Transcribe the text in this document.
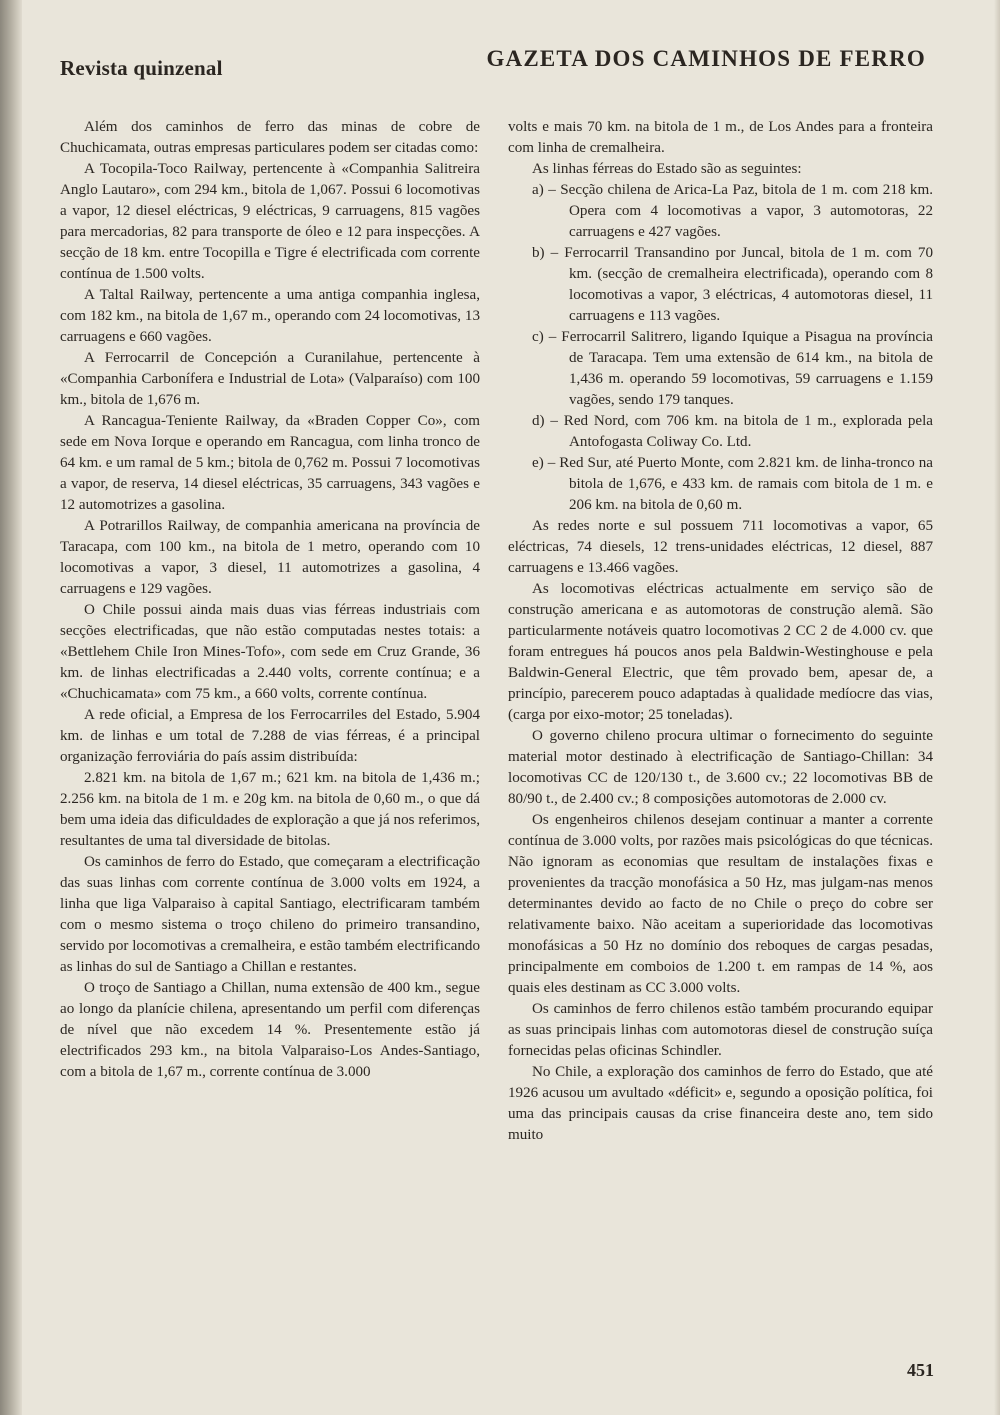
Revista quinzenal	GAZETA DOS CAMINHOS DE FERRO

Além dos caminhos de ferro das minas de cobre de Chuchicamata, outras empresas particulares podem ser citadas como:

A Tocopila-Toco Railway, pertencente à «Companhia Salitreira Anglo Lautaro», com 294 km., bitola de 1,067. Possui 6 locomotivas a vapor, 12 diesel eléctricas, 9 eléctricas, 9 carruagens, 815 vagões para mercadorias, 82 para transporte de óleo e 12 para inspecções. A secção de 18 km. entre Tocopilla e Tigre é electrificada com corrente contínua de 1.500 volts.

A Taltal Railway, pertencente a uma antiga companhia inglesa, com 182 km., na bitola de 1,67 m., operando com 24 locomotivas, 13 carruagens e 660 vagões.

A Ferrocarril de Concepción a Curanilahue, pertencente à «Companhia Carbonífera e Industrial de Lota» (Valparaíso) com 100 km., bitola de 1,676 m.

A Rancagua-Teniente Railway, da «Braden Copper Co», com sede em Nova Iorque e operando em Rancagua, com linha tronco de 64 km. e um ramal de 5 km.; bitola de 0,762 m. Possui 7 locomotivas a vapor, de reserva, 14 diesel eléctricas, 35 carruagens, 343 vagões e 12 automotrizes a gasolina.

A Potrarillos Railway, de companhia americana na província de Taracapa, com 100 km., na bitola de 1 metro, operando com 10 locomotivas a vapor, 3 diesel, 11 automotrizes a gasolina, 4 carruagens e 129 vagões.

O Chile possui ainda mais duas vias férreas industriais com secções electrificadas, que não estão computadas nestes totais: a «Bettlehem Chile Iron Mines-Tofo», com sede em Cruz Grande, 36 km. de linhas electrificadas a 2.440 volts, corrente contínua; e a «Chuchicamata» com 75 km., a 660 volts, corrente contínua.

A rede oficial, a Empresa de los Ferrocarriles del Estado, 5.904 km. de linhas e um total de 7.288 de vias férreas, é a principal organização ferroviária do país assim distribuída:

2.821 km. na bitola de 1,67 m.; 621 km. na bitola de 1,436 m.; 2.256 km. na bitola de 1 m. e 20g km. na bitola de 0,60 m., o que dá bem uma ideia das dificuldades de exploração a que já nos referimos, resultantes de uma tal diversidade de bitolas.

Os caminhos de ferro do Estado, que começaram a electrificação das suas linhas com corrente contínua de 3.000 volts em 1924, a linha que liga Valparaiso à capital Santiago, electrificaram também com o mesmo sistema o troço chileno do primeiro transandino, servido por locomotivas a cremalheira, e estão também electrificando as linhas do sul de Santiago a Chillan e restantes.

O troço de Santiago a Chillan, numa extensão de 400 km., segue ao longo da planície chilena, apresentando um perfil com diferenças de nível que não excedem 14 %. Presentemente estão já electrificados 293 km., na bitola Valparaiso-Los Andes-Santiago, com a bitola de 1,67 m., corrente contínua de 3.000

volts e mais 70 km. na bitola de 1 m., de Los Andes para a fronteira com linha de cremalheira.

As linhas férreas do Estado são as seguintes:

a) – Secção chilena de Arica-La Paz, bitola de 1 m. com 218 km. Opera com 4 locomotivas a vapor, 3 automotoras, 22 carruagens e 427 vagões.

b) – Ferrocarril Transandino por Juncal, bitola de 1 m. com 70 km. (secção de cremalheira electrificada), operando com 8 locomotivas a vapor, 3 eléctricas, 4 automotoras diesel, 11 carruagens e 113 vagões.

c) – Ferrocarril Salitrero, ligando Iquique a Pisagua na província de Taracapa. Tem uma extensão de 614 km., na bitola de 1,436 m. operando 59 locomotivas, 59 carruagens e 1.159 vagões, sendo 179 tanques.

d) – Red Nord, com 706 km. na bitola de 1 m., explorada pela Antofogasta Coliway Co. Ltd.

e) – Red Sur, até Puerto Monte, com 2.821 km. de linha-tronco na bitola de 1,676, e 433 km. de ramais com bitola de 1 m. e 206 km. na bitola de 0,60 m.

As redes norte e sul possuem 711 locomotivas a vapor, 65 eléctricas, 74 diesels, 12 trens-unidades eléctricas, 12 diesel, 887 carruagens e 13.466 vagões.

As locomotivas eléctricas actualmente em serviço são de construção americana e as automotoras de construção alemã. São particularmente notáveis quatro locomotivas 2 CC 2 de 4.000 cv. que foram entregues há poucos anos pela Baldwin-Westinghouse e pela Baldwin-General Electric, que têm provado bem, apesar de, a princípio, parecerem pouco adaptadas à qualidade medíocre das vias, (carga por eixo-motor; 25 toneladas).

O governo chileno procura ultimar o fornecimento do seguinte material motor destinado à electrificação de Santiago-Chillan: 34 locomotivas CC de 120/130 t., de 3.600 cv.; 22 locomotivas BB de 80/90 t., de 2.400 cv.; 8 composições automotoras de 2.000 cv.

Os engenheiros chilenos desejam continuar a manter a corrente contínua de 3.000 volts, por razões mais psicológicas do que técnicas. Não ignoram as economias que resultam de instalações fixas e provenientes da tracção monofásica a 50 Hz, mas julgam-nas menos determinantes devido ao facto de no Chile o preço do cobre ser relativamente baixo. Não aceitam a superioridade das locomotivas monofásicas a 50 Hz no domínio dos reboques de cargas pesadas, principalmente em comboios de 1.200 t. em rampas de 14 %, aos quais eles destinam as CC 3.000 volts.

Os caminhos de ferro chilenos estão também procurando equipar as suas principais linhas com automotoras diesel de construção suíça fornecidas pelas oficinas Schindler.

No Chile, a exploração dos caminhos de ferro do Estado, que até 1926 acusou um avultado «déficit» e, segundo a oposição política, foi uma das principais causas da crise financeira deste ano, tem sido muito

451
